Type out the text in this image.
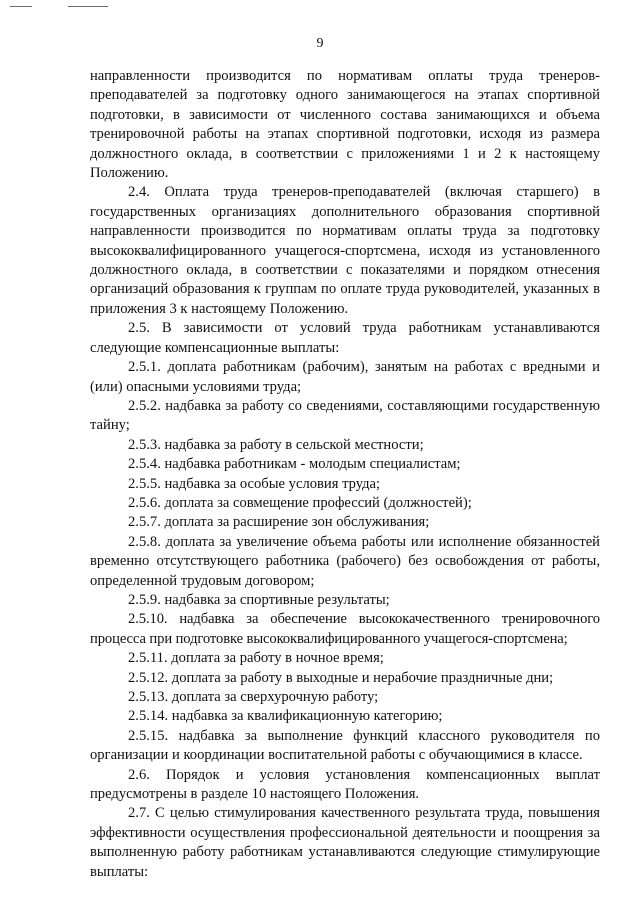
9

направленности производится по нормативам оплаты труда тренеров-преподавателей за подготовку одного занимающегося на этапах спортивной подготовки, в зависимости от численного состава занимающихся и объема тренировочной работы на этапах спортивной подготовки, исходя из размера должностного оклада, в соответствии с приложениями 1 и 2 к настоящему Положению.

2.4. Оплата труда тренеров-преподавателей (включая старшего) в государственных организациях дополнительного образования спортивной направленности производится по нормативам оплаты труда за подготовку высококвалифицированного учащегося-спортсмена, исходя из установленного должностного оклада, в соответствии с показателями и порядком отнесения организаций образования к группам по оплате труда руководителей, указанных в приложения 3 к настоящему Положению.

2.5. В зависимости от условий труда работникам устанавливаются следующие компенсационные выплаты:

2.5.1. доплата работникам (рабочим), занятым на работах с вредными и (или) опасными условиями труда;

2.5.2. надбавка за работу со сведениями, составляющими государственную тайну;

2.5.3. надбавка за работу в сельской местности;

2.5.4. надбавка работникам - молодым специалистам;

2.5.5. надбавка за особые условия труда;

2.5.6. доплата за совмещение профессий (должностей);

2.5.7. доплата за расширение зон обслуживания;

2.5.8. доплата за увеличение объема работы или исполнение обязанностей временно отсутствующего работника (рабочего) без освобождения от работы, определенной трудовым договором;

2.5.9. надбавка за спортивные результаты;

2.5.10. надбавка за обеспечение высококачественного тренировочного процесса при подготовке высококвалифицированного учащегося-спортсмена;

2.5.11. доплата за работу в ночное время;

2.5.12. доплата за работу в выходные и нерабочие праздничные дни;

2.5.13. доплата за сверхурочную работу;

2.5.14. надбавка за квалификационную категорию;

2.5.15. надбавка за выполнение функций классного руководителя по организации и координации воспитательной работы с обучающимися в классе.

2.6. Порядок и условия установления компенсационных выплат предусмотрены в разделе 10 настоящего Положения.

2.7. С целью стимулирования качественного результата труда, повышения эффективности осуществления профессиональной деятельности и поощрения за выполненную работу работникам устанавливаются следующие стимулирующие выплаты:
